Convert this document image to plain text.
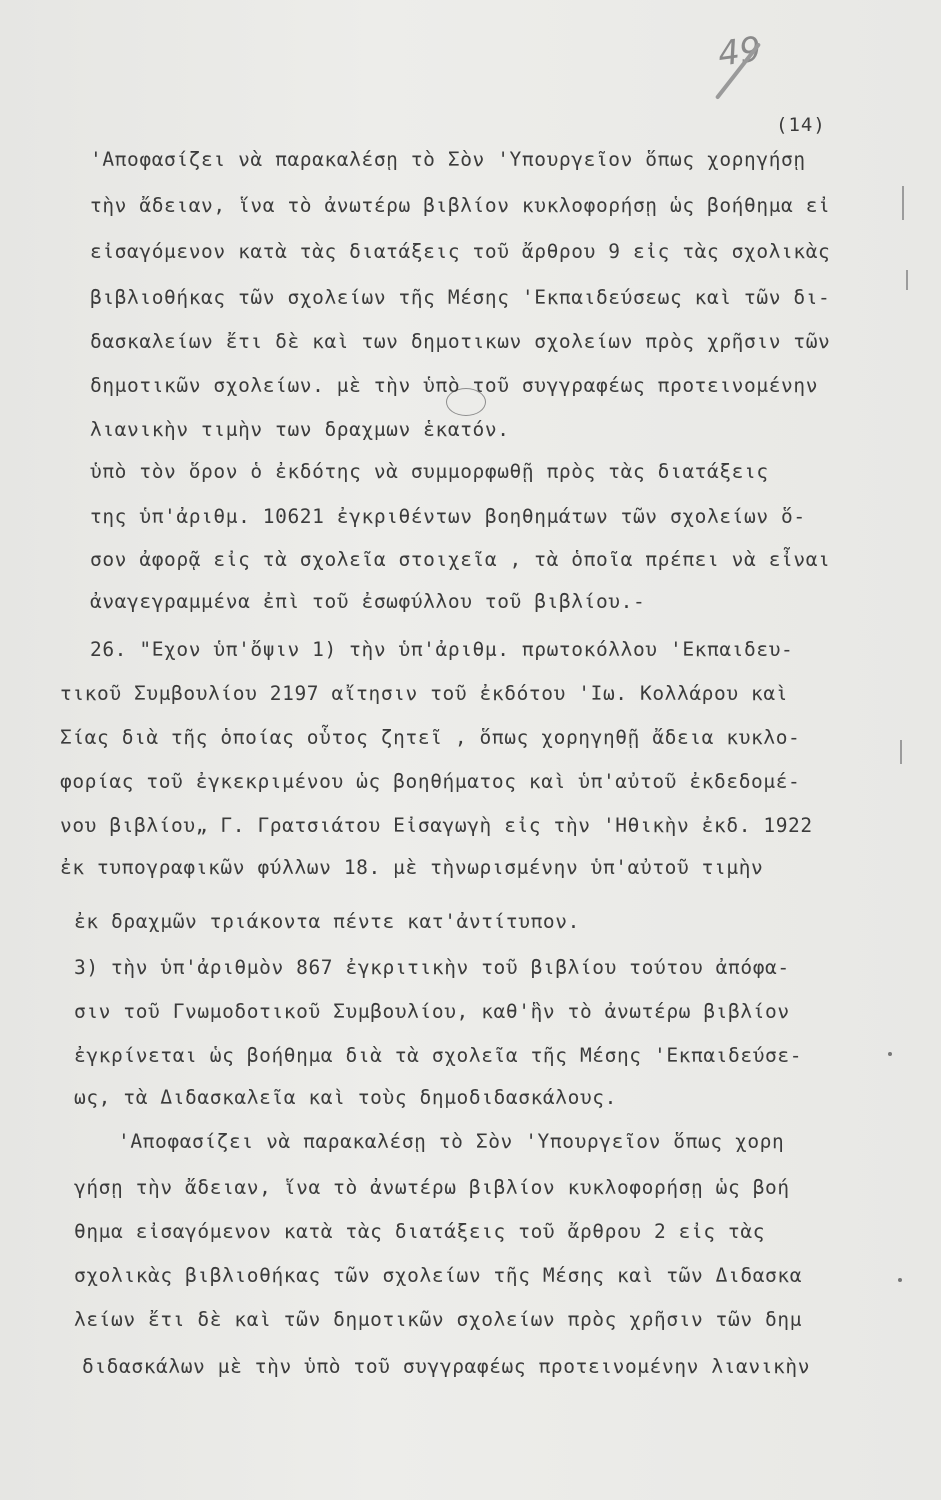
49
(14)
'Αποφασίζει νὰ παρακαλέσῃ τὸ Σὸν 'Υπουργεῖον ὅπως χορηγήσῃ
τὴν ἄδειαν, ἵνα τὸ ἀνωτέρω βιβλίον κυκλοφορήσῃ ὡς βοήθημα εἰ
εἰσαγόμενον κατὰ τὰς διατάξεις τοῦ ἄρθρου 9 εἰς τὰς σχολικὰς
βιβλιοθήκας τῶν σχολείων τῆς Μέσης 'Εκπαιδεύσεως καὶ τῶν δι-
δασκαλείων ἔτι δὲ καὶ των δημοτικων σχολείων πρὸς χρῆσιν τῶν
δημοτικῶν σχολείων. μὲ τὴν ὑπὸ τοῦ συγγραφέως προτεινομένην
λιανικὴν τιμὴν των δραχμων ἑκατόν.
ὑπὸ τὸν ὅρον ὁ ἐκδότης νὰ συμμορφωθῇ πρὸς τὰς διατάξεις
της ὑπ'ἀριθμ. 10621 ἐγκριθέντων βοηθημάτων τῶν σχολείων ὅ-
σον ἀφορᾷ εἰς τὰ σχολεῖα στοιχεῖα , τὰ ὁποῖα πρέπει νὰ εἶναι
ἀναγεγραμμένα ἐπὶ τοῦ ἐσωφύλλου τοῦ βιβλίου.-
26. "Εχον ὑπ'ὄψιν 1) τὴν ὑπ'ἀριθμ. πρωτοκόλλου 'Εκπαιδευ-
τικοῦ Συμβουλίου 2197 αἴτησιν τοῦ ἐκδότου 'Ιω. Κολλάρου καὶ
Σίας διὰ τῆς ὁποίας οὗτος ζητεῖ , ὅπως χορηγηθῇ ἄδεια κυκλο-
φορίας τοῦ ἐγκεκριμένου ὡς βοηθήματος καὶ ὑπ'αὐτοῦ ἐκδεδομέ-
νου βιβλίου„ Γ. Γρατσιάτου Εἰσαγωγὴ εἰς τὴν 'Ηθικὴν ἐκδ. 1922
ἐκ τυπογραφικῶν φύλλων 18. μὲ τὴνωρισμένην ὑπ'αὐτοῦ τιμὴν
ἐκ δραχμῶν τριάκοντα πέντε κατ'ἀντίτυπον.
3) τὴν ὑπ'ἀριθμὸν 867 ἐγκριτικὴν τοῦ βιβλίου τούτου ἀπόφα-
σιν τοῦ Γνωμοδοτικοῦ Συμβουλίου, καθ'ἣν τὸ ἀνωτέρω βιβλίον
ἐγκρίνεται ὡς βοήθημα διὰ τὰ σχολεῖα τῆς Μέσης 'Εκπαιδεύσε-
ως, τὰ Διδασκαλεῖα καὶ τοὺς δημοδιδασκάλους.
'Αποφασίζει νὰ παρακαλέσῃ τὸ Σὸν 'Υπουργεῖον ὅπως χορη
γήσῃ τὴν ἄδειαν, ἵνα τὸ ἀνωτέρω βιβλίον κυκλοφορήσῃ ὡς βοή
θημα εἰσαγόμενον κατὰ τὰς διατάξεις τοῦ ἄρθρου 2 εἰς τὰς
σχολικὰς βιβλιοθήκας τῶν σχολείων τῆς Μέσης καὶ τῶν Διδασκα
λείων ἔτι δὲ καὶ τῶν δημοτικῶν σχολείων πρὸς χρῆσιν τῶν δημ
διδασκάλων μὲ τὴν ὑπὸ τοῦ συγγραφέως προτεινομένην λιανικὴν
